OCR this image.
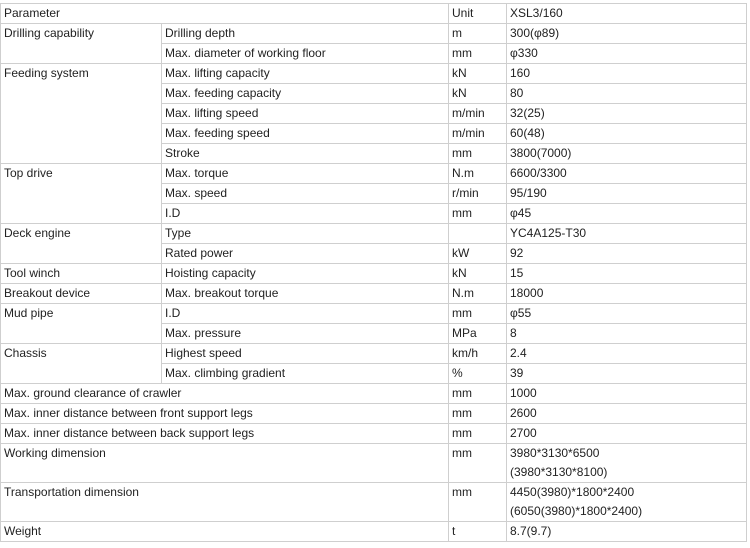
Parameter		Unit	XSL3/160
Drilling capability	Drilling depth	m	300(φ89)
	Max. diameter of working floor	mm	φ330
Feeding system	Max. lifting capacity	kN	160
	Max. feeding capacity	kN	80
	Max. lifting speed	m/min	32(25)
	Max. feeding speed	m/min	60(48)
	Stroke	mm	3800(7000)
Top drive	Max. torque	N.m	6600/3300
	Max. speed	r/min	95/190
	I.D	mm	φ45
Deck engine	Type		YC4A125-T30
	Rated power	kW	92
Tool winch	Hoisting capacity	kN	15
Breakout device	Max. breakout torque	N.m	18000
Mud pipe	I.D	mm	φ55
	Max. pressure	MPa	8
Chassis	Highest speed	km/h	2.4
	Max. climbing gradient	%	39
Max. ground clearance of crawler		mm	1000
Max. inner distance between front support legs		mm	2600
Max. inner distance between back support legs		mm	2700
Working dimension		mm	3980*3130*6500
(3980*3130*8100)

Transportation dimension		mm	4450(3980)*1800*2400
(6050(3980)*1800*2400)

Weight		t	8.7(9.7)
